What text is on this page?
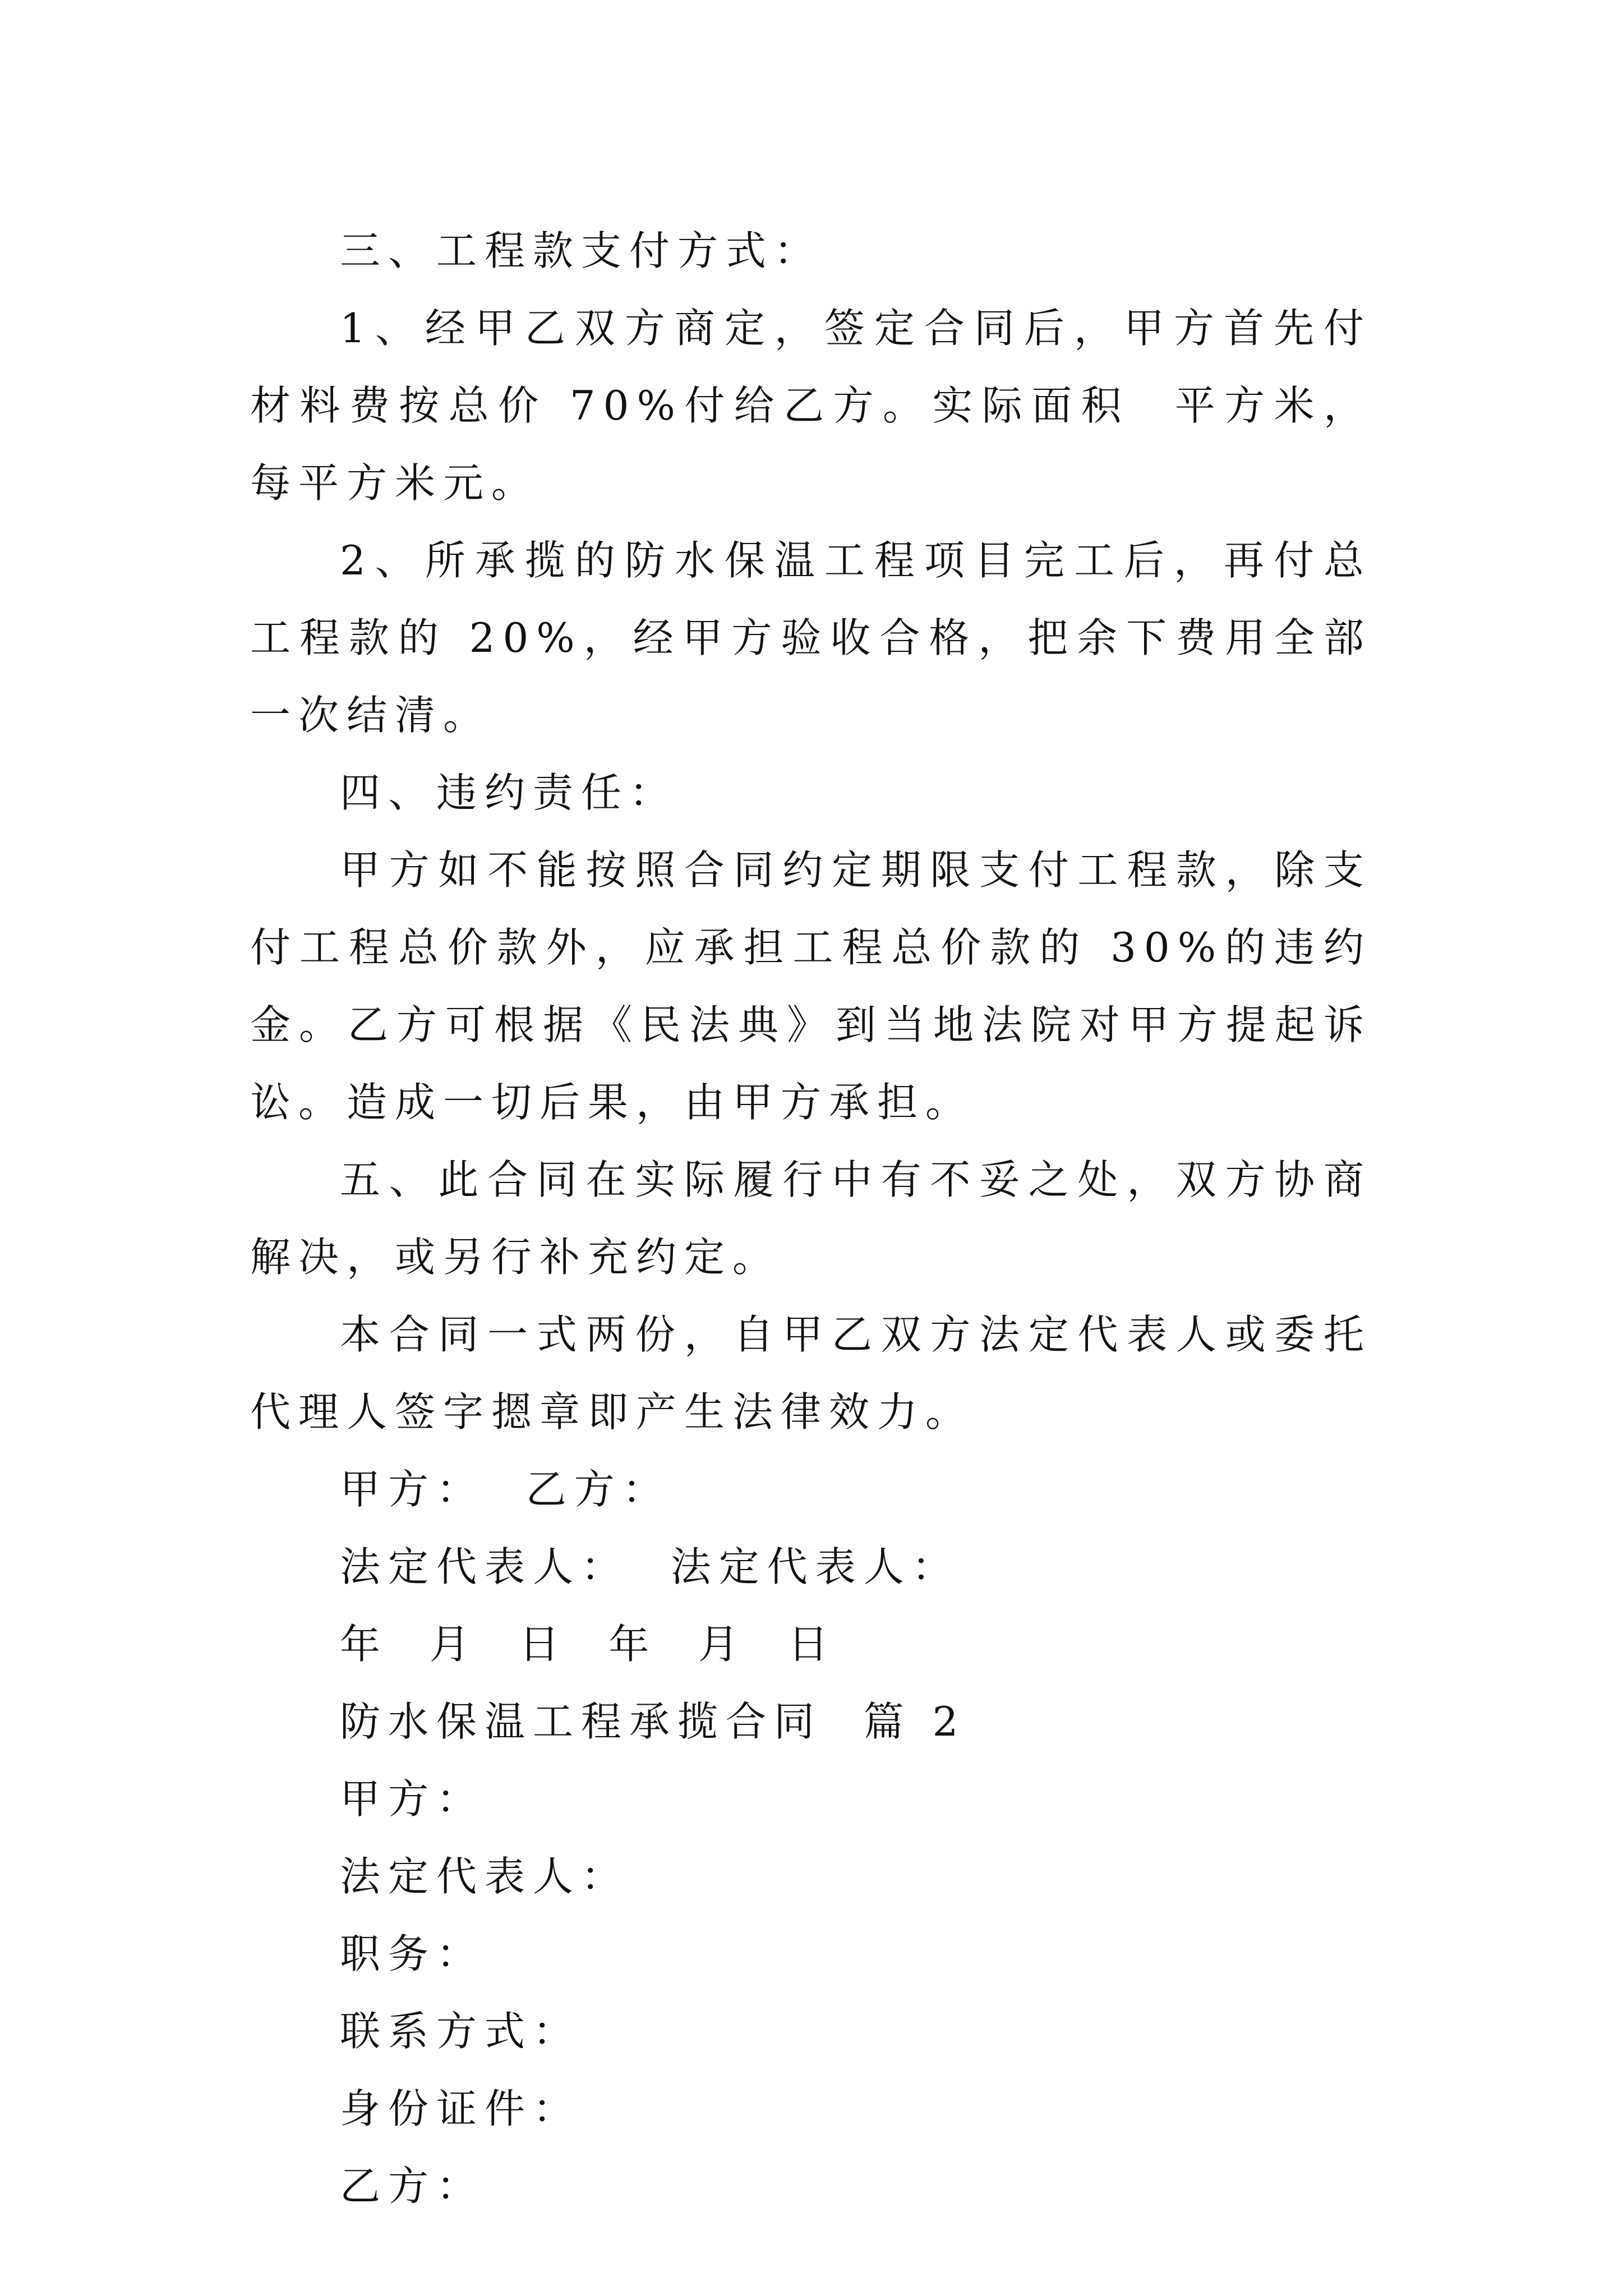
三、工程款支付方式：

1、经甲乙双方商定，签定合同后，甲方首先付材料费按总价 70%付给乙方。实际面积  平方米，每平方米元。

2、所承揽的防水保温工程项目完工后，再付总工程款的 20%，经甲方验收合格，把余下费用全部一次结清。

四、违约责任：

甲方如不能按照合同约定期限支付工程款，除支付工程总价款外，应承担工程总价款的 30%的违约金。乙方可根据《民法典》到当地法院对甲方提起诉讼。造成一切后果，由甲方承担。

五、此合同在实际履行中有不妥之处，双方协商解决，或另行补充约定。

本合同一式两份，自甲乙双方法定代表人或委托代理人签字摁章即产生法律效力。

甲方：  乙方：

法定代表人：  法定代表人：

年  月  日  年  月  日

防水保温工程承揽合同  篇 2

甲方：

法定代表人：

职务：

联系方式：

身份证件：

乙方：
